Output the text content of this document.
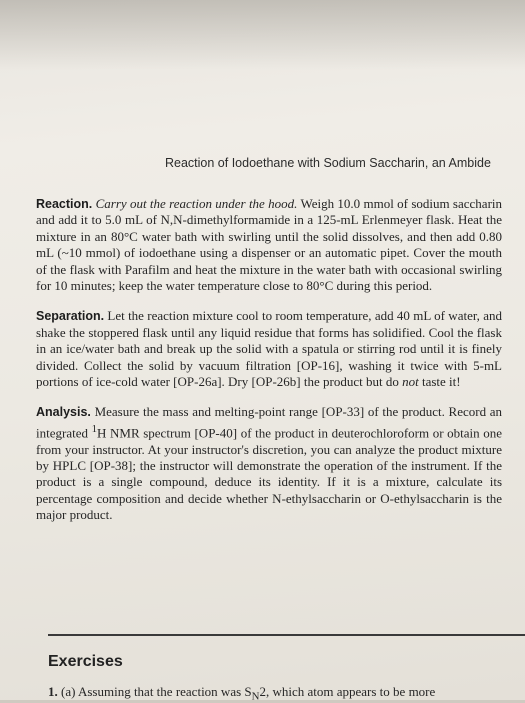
Reaction of Iodoethane with Sodium Saccharin, an Ambide

Reaction. Carry out the reaction under the hood. Weigh 10.0 mmol of sodium saccharin and add it to 5.0 mL of N,N-dimethylformamide in a 125-mL Erlenmeyer flask. Heat the mixture in an 80°C water bath with swirling until the solid dissolves, and then add 0.80 mL (~10 mmol) of iodoethane using a dispenser or an automatic pipet. Cover the mouth of the flask with Parafilm and heat the mixture in the water bath with occasional swirling for 10 minutes; keep the water temperature close to 80°C during this period.

Separation. Let the reaction mixture cool to room temperature, add 40 mL of water, and shake the stoppered flask until any liquid residue that forms has solidified. Cool the flask in an ice/water bath and break up the solid with a spatula or stirring rod until it is finely divided. Collect the solid by vacuum filtration [OP-16], washing it twice with 5-mL portions of ice-cold water [OP-26a]. Dry [OP-26b] the product but do not taste it!

Analysis. Measure the mass and melting-point range [OP-33] of the product. Record an integrated $^1$H NMR spectrum [OP-40] of the product in deuterochloroform or obtain one from your instructor. At your instructor's discretion, you can analyze the product mixture by HPLC [OP-38]; the instructor will demonstrate the operation of the instrument. If the product is a single compound, deduce its identity. If it is a mixture, calculate its percentage composition and decide whether N-ethylsaccharin or O-ethylsaccharin is the major product.

Exercises
1. (a) Assuming that the reaction was $S_N2$, which atom appears to be more
